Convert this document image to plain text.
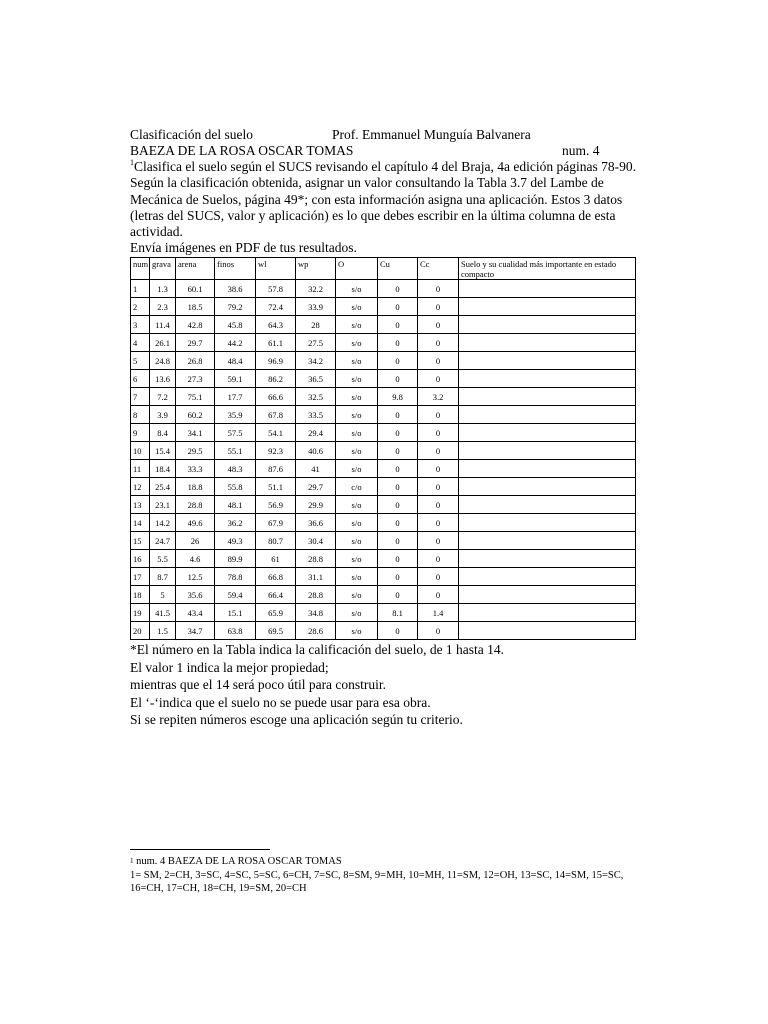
Clasificación del suelo	Prof. Emmanuel Munguía Balvanera
BAEZA DE LA ROSA OSCAR TOMAS	num. 4

$^1$Clasifica el suelo según el SUCS revisando el capítulo 4 del Braja, 4a edición páginas 78-90. Según la clasificación obtenida, asignar un valor consultando la Tabla 3.7 del Lambe de Mecánica de Suelos, página 49*; con esta información asigna una aplicación. Estos 3 datos (letras del SUCS, valor y aplicación) es lo que debes escribir en la última columna de esta actividad.

Envía imágenes en PDF de tus resultados.

num	grava	arena	finos	wl	wp	O	Cu	Cc	Suelo y su cualidad más importante en estado compacto
1	1.3	60.1	38.6	57.8	32.2	s/o	0	0	
2	2.3	18.5	79.2	72.4	33.9	s/o	0	0	
3	11.4	42.8	45.8	64.3	28	s/o	0	0	
4	26.1	29.7	44.2	61.1	27.5	s/o	0	0	
5	24.8	26.8	48.4	96.9	34.2	s/o	0	0	
6	13.6	27.3	59.1	86.2	36.5	s/o	0	0	
7	7.2	75.1	17.7	66.6	32.5	s/o	9.8	3.2	
8	3.9	60.2	35.9	67.8	33.5	s/o	0	0	
9	8.4	34.1	57.5	54.1	29.4	s/o	0	0	
10	15.4	29.5	55.1	92.3	40.6	s/o	0	0	
11	18.4	33.3	48.3	87.6	41	s/o	0	0	
12	25.4	18.8	55.8	51.1	29.7	c/o	0	0	
13	23.1	28.8	48.1	56.9	29.9	s/o	0	0	
14	14.2	49.6	36.2	67.9	36.6	s/o	0	0	
15	24.7	26	49.3	80.7	30.4	s/o	0	0	
16	5.5	4.6	89.9	61	28.8	s/o	0	0	
17	8.7	12.5	78.8	66.8	31.1	s/o	0	0	
18	5	35.6	59.4	66.4	28.8	s/o	0	0	
19	41.5	43.4	15.1	65.9	34.8	s/o	8.1	1.4	
20	1.5	34.7	63.8	69.5	28.6	s/o	0	0	
*El número en la Tabla indica la calificación del suelo, de 1 hasta 14.
El valor 1 indica la mejor propiedad;
mientras que el 14 será poco útil para construir.
El ‘-‘indica que el suelo no se puede usar para esa obra.
Si se repiten números escoge una aplicación según tu criterio.
$^1$ num. 4 BAEZA DE LA ROSA OSCAR TOMAS
1= SM, 2=CH, 3=SC, 4=SC, 5=SC, 6=CH, 7=SC, 8=SM, 9=MH, 10=MH, 11=SM, 12=OH, 13=SC, 14=SM, 15=SC, 16=CH, 17=CH, 18=CH, 19=SM, 20=CH
